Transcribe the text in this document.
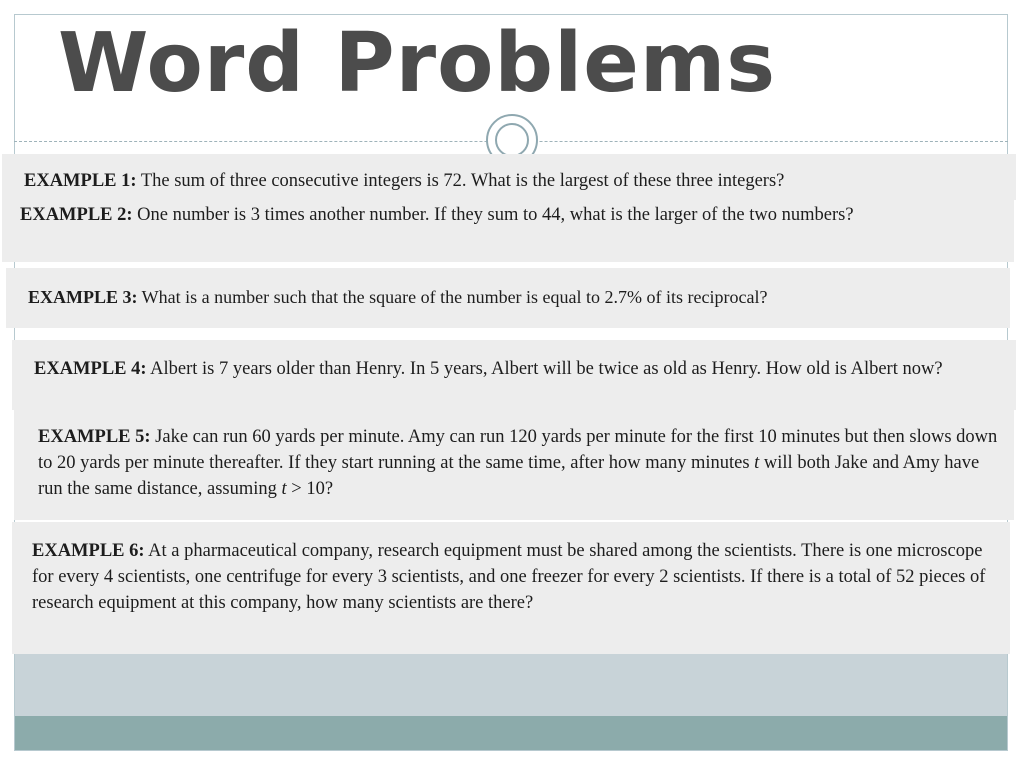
Word Problems
EXAMPLE 1: The sum of three consecutive integers is 72. What is the largest of these three integers?
EXAMPLE 2: One number is 3 times another number. If they sum to 44, what is the larger of the two numbers?
EXAMPLE 3: What is a number such that the square of the number is equal to 2.7% of its reciprocal?
EXAMPLE 4: Albert is 7 years older than Henry. In 5 years, Albert will be twice as old as Henry. How old is Albert now?
EXAMPLE 5: Jake can run 60 yards per minute. Amy can run 120 yards per minute for the first 10 minutes but then slows down to 20 yards per minute thereafter. If they start running at the same time, after how many minutes t will both Jake and Amy have run the same distance, assuming t > 10?
EXAMPLE 6: At a pharmaceutical company, research equipment must be shared among the scientists. There is one microscope for every 4 scientists, one centrifuge for every 3 scientists, and one freezer for every 2 scientists. If there is a total of 52 pieces of research equipment at this company, how many scientists are there?
